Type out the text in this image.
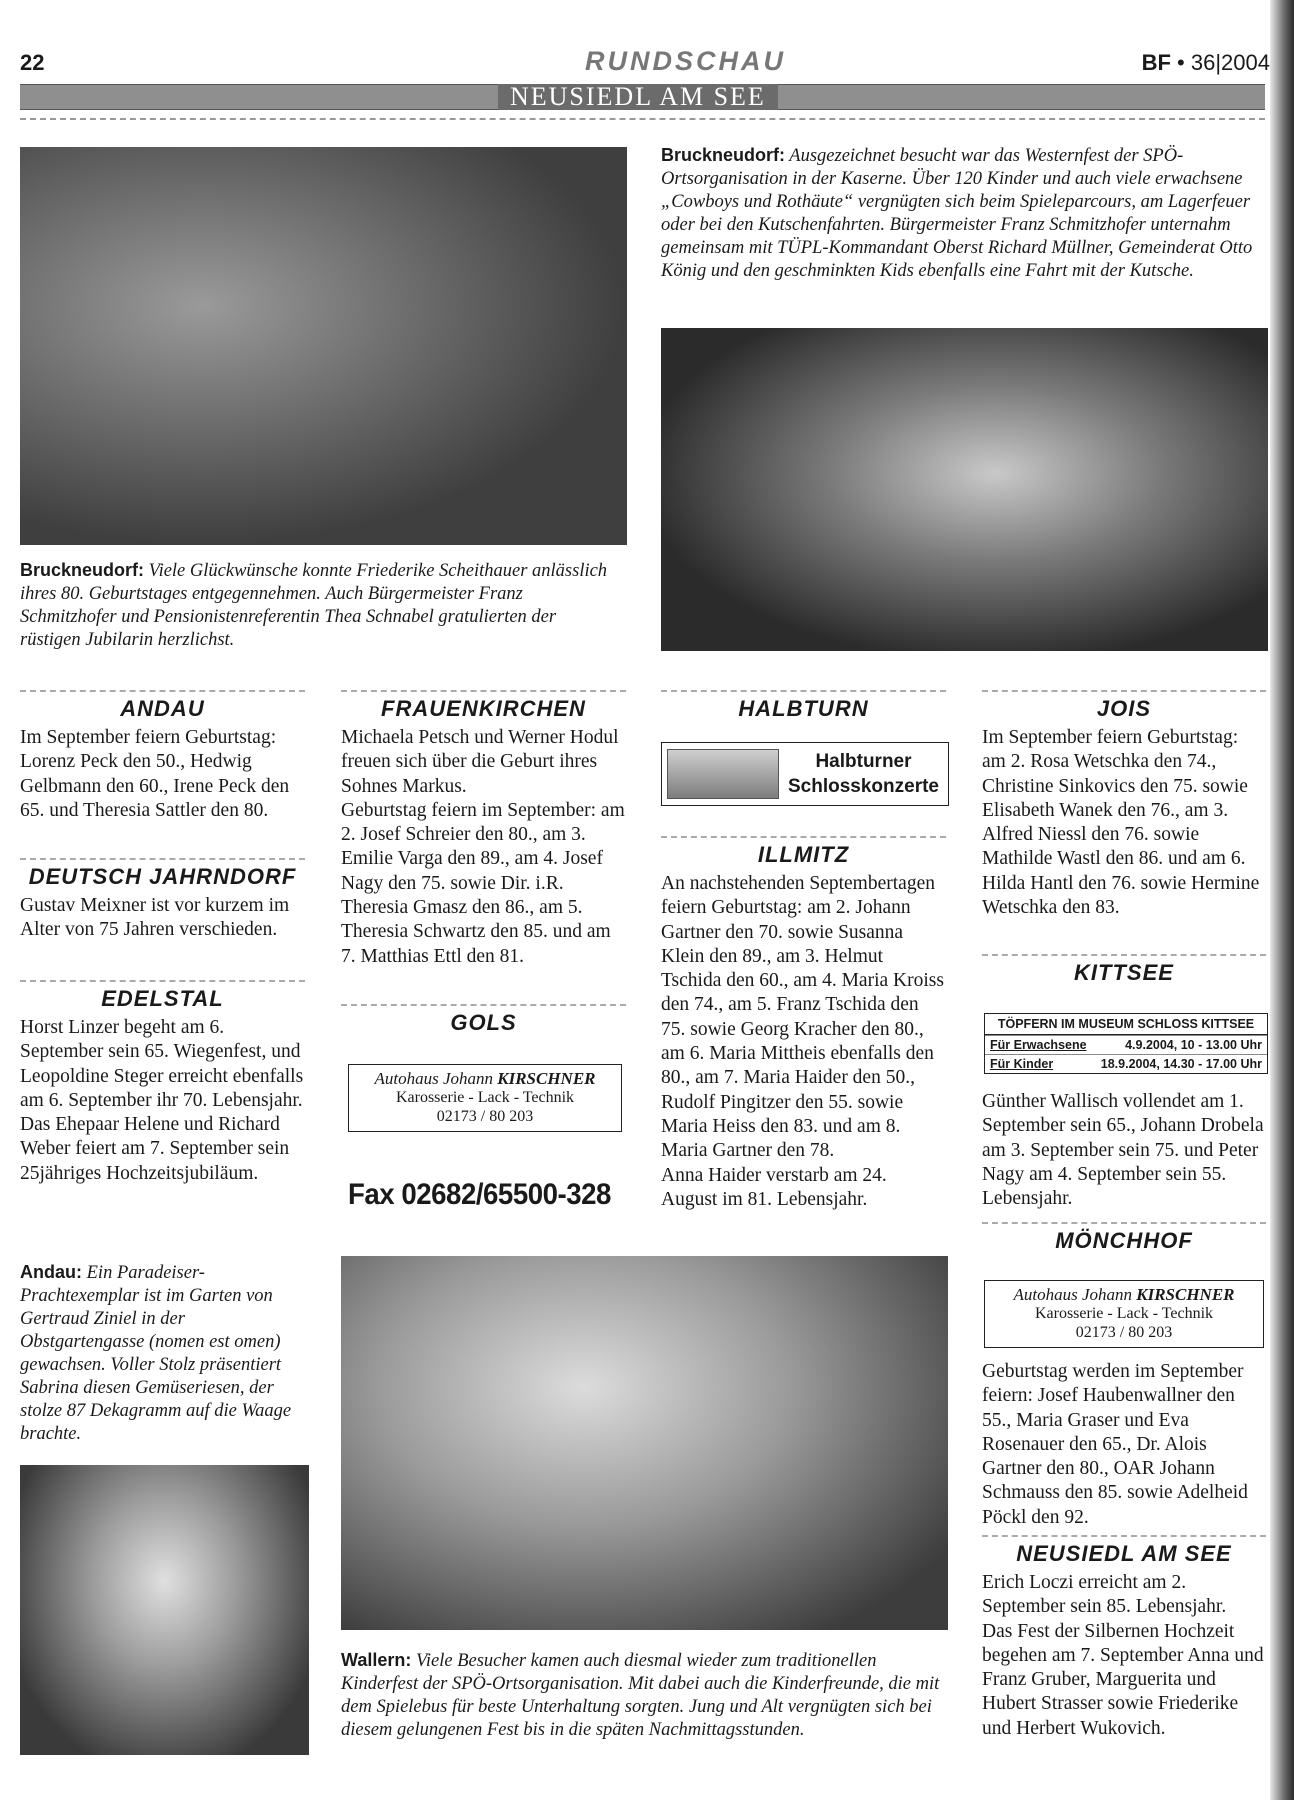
22	RUNDSCHAU	BF • 36|2004
NEUSIEDL AM SEE

Bruckneudorf: Ausgezeichnet besucht war das Westernfest der SPÖ-Ortsorganisation in der Kaserne. Über 120 Kinder und auch viele erwachsene „Cowboys und Rothäute“ vergnügten sich beim Spieleparcours, am Lagerfeuer oder bei den Kutschenfahrten. Bürgermeister Franz Schmitzhofer unternahm gemeinsam mit TÜPL-Kommandant Oberst Richard Müllner, Gemeinderat Otto König und den geschminkten Kids ebenfalls eine Fahrt mit der Kutsche.

Bruckneudorf: Viele Glückwünsche konnte Friederike Scheithauer anlässlich ihres 80. Geburtstages entgegennehmen. Auch Bürgermeister Franz Schmitzhofer und Pensionistenreferentin Thea Schnabel gratulierten der rüstigen Jubilarin herzlichst.

Andau: Ein Paradeiser-Prachtexemplar ist im Garten von Gertraud Ziniel in der Obstgartengasse (nomen est omen) gewachsen. Voller Stolz präsentiert Sabrina diesen Gemüseriesen, der stolze 87 Dekagramm auf die Waage brachte.

Wallern: Viele Besucher kamen auch diesmal wieder zum traditionellen Kinderfest der SPÖ-Ortsorganisation. Mit dabei auch die Kinderfreunde, die mit dem Spielebus für beste Unterhaltung sorgten. Jung und Alt vergnügten sich bei diesem gelungenen Fest bis in die späten Nachmittagsstunden.

ANDAU

Im September feiern Geburtstag: Lorenz Peck den 50., Hedwig Gelbmann den 60., Irene Peck den 65. und Theresia Sattler den 80.

DEUTSCH JAHRNDORF

Gustav Meixner ist vor kurzem im Alter von 75 Jahren verschieden.

EDELSTAL

Horst Linzer begeht am 6. September sein 65. Wiegenfest, und Leopoldine Steger erreicht ebenfalls am 6. September ihr 70. Lebensjahr.

Das Ehepaar Helene und Richard Weber feiert am 7. September sein 25jähriges Hochzeitsjubiläum.

FRAUENKIRCHEN

Michaela Petsch und Werner Hodul freuen sich über die Geburt ihres Sohnes Markus.

Geburtstag feiern im September: am 2. Josef Schreier den 80., am 3. Emilie Varga den 89., am 4. Josef Nagy den 75. sowie Dir. i.R. Theresia Gmasz den 86., am 5. Theresia Schwartz den 85. und am 7. Matthias Ettl den 81.

GOLS
Autohaus Johann KIRSCHNER
Karosserie - Lack - Technik
02173 / 80 203
Fax 02682/65500-328
HALBTURN
Halbturner
Schlosskonzerte
ILLMITZ

An nachstehenden Septembertagen feiern Geburtstag: am 2. Johann Gartner den 70. sowie Susanna Klein den 89., am 3. Helmut Tschida den 60., am 4. Maria Kroiss den 74., am 5. Franz Tschida den 75. sowie Georg Kracher den 80., am 6. Maria Mittheis ebenfalls den 80., am 7. Maria Haider den 50., Rudolf Pingitzer den 55. sowie Maria Heiss den 83. und am 8. Maria Gartner den 78.

Anna Haider verstarb am 24. August im 81. Lebensjahr.

JOIS

Im September feiern Geburtstag: am 2. Rosa Wetschka den 74., Christine Sinkovics den 75. sowie Elisabeth Wanek den 76., am 3. Alfred Niessl den 76. sowie Mathilde Wastl den 86. und am 6. Hilda Hantl den 76. sowie Hermine Wetschka den 83.

KITTSEE
TÖPFERN IM MUSEUM SCHLOSS KITTSEE
Für Erwachsene	4.9.2004, 10 - 13.00 Uhr
Für Kinder	18.9.2004, 14.30 - 17.00 Uhr

Günther Wallisch vollendet am 1. September sein 65., Johann Drobela am 3. September sein 75. und Peter Nagy am 4. September sein 55. Lebensjahr.

MÖNCHHOF
Autohaus Johann KIRSCHNER
Karosserie - Lack - Technik
02173 / 80 203

Geburtstag werden im September feiern: Josef Haubenwallner den 55., Maria Graser und Eva Rosenauer den 65., Dr. Alois Gartner den 80., OAR Johann Schmauss den 85. sowie Adelheid Pöckl den 92.

NEUSIEDL AM SEE

Erich Loczi erreicht am 2. September sein 85. Lebensjahr.

Das Fest der Silbernen Hochzeit begehen am 7. September Anna und Franz Gruber, Marguerita und Hubert Strasser sowie Friederike und Herbert Wukovich.
